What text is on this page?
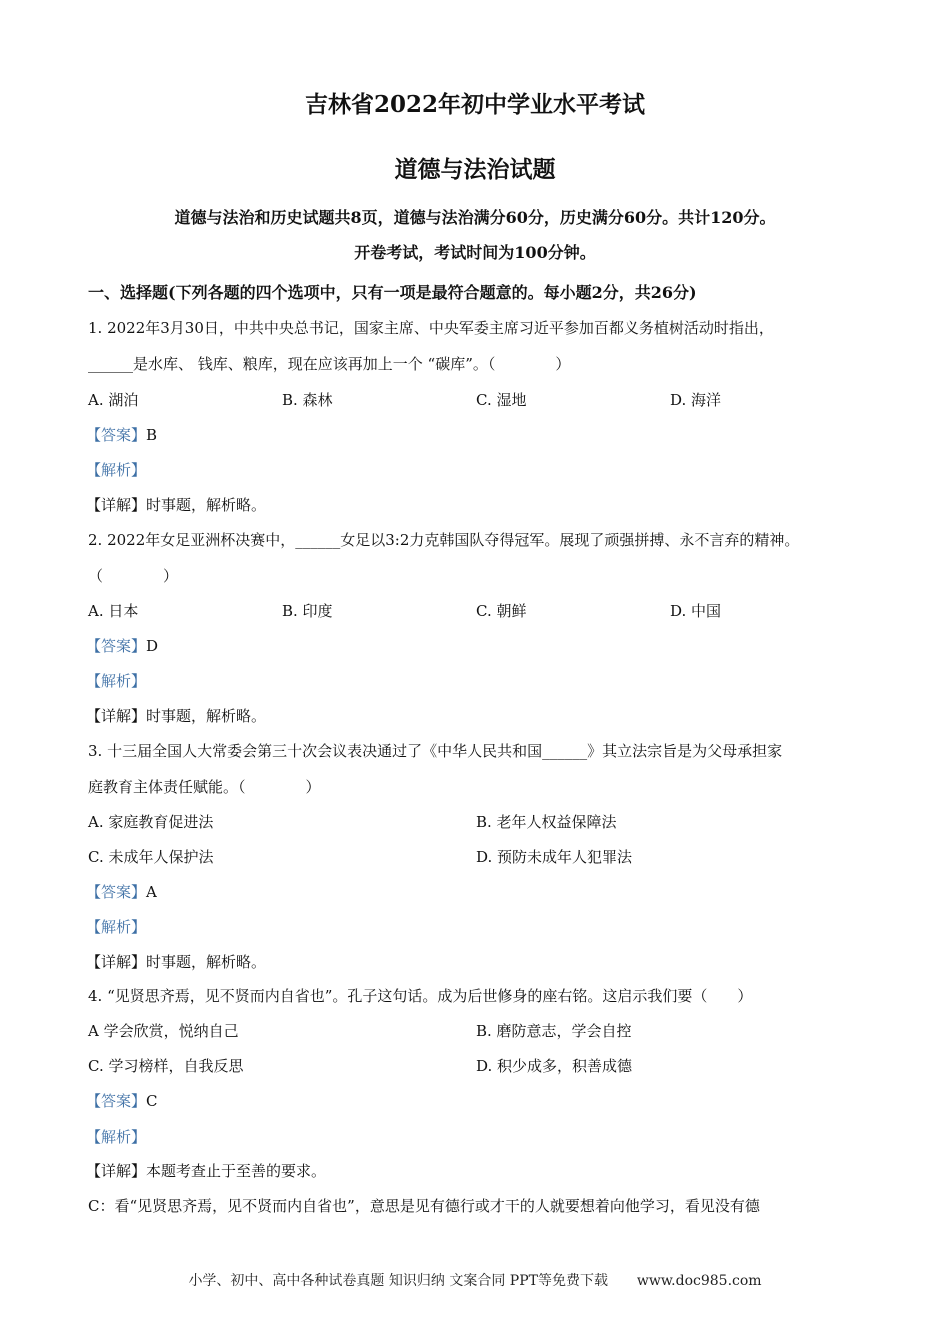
吉林省2022年初中学业水平考试
道德与法治试题
道德与法治和历史试题共8页，道德与法治满分60分，历史满分60分。共计120分。
开卷考试，考试时间为100分钟。
一、选择题(下列各题的四个选项中，只有一项是最符合题意的。每小题2分，共26分)
1. 2022年3月30日，中共中央总书记，国家主席、中央军委主席习近平参加百都义务植树活动时指出，
______是水库、 钱库、粮库，现在应该再加上一个 “碳库”。（　　　　）
A. 湖泊	B. 森林	C. 湿地	D. 海洋
【答案】B
【解析】
【详解】时事题，解析略。
2. 2022年女足亚洲杯决赛中，______女足以3:2力克韩国队夺得冠军。展现了顽强拼搏、永不言弃的精神。
（　　　　）
A. 日本	B. 印度	C. 朝鲜	D. 中国
【答案】D
【解析】
【详解】时事题，解析略。
3. 十三届全国人大常委会第三十次会议表决通过了《中华人民共和国______》其立法宗旨是为父母承担家
庭教育主体责任赋能。（　　　　）
A. 家庭教育促进法	B. 老年人权益保障法
C. 未成年人保护法	D. 预防未成年人犯罪法
【答案】A
【解析】
【详解】时事题，解析略。
4. “见贤思齐焉，见不贤而内自省也”。孔子这句话。成为后世修身的座右铭。这启示我们要（　　）
A 学会欣赏，悦纳自己	B. 磨防意志，学会自控
C. 学习榜样，自我反思	D. 积少成多，积善成德
【答案】C
【解析】
【详解】本题考查止于至善的要求。
C：看“见贤思齐焉，见不贤而内自省也”，意思是见有德行或才干的人就要想着向他学习，看见没有德
小学、初中、高中各种试卷真题 知识归纳 文案合同 PPT等免费下载 www.doc985.com
